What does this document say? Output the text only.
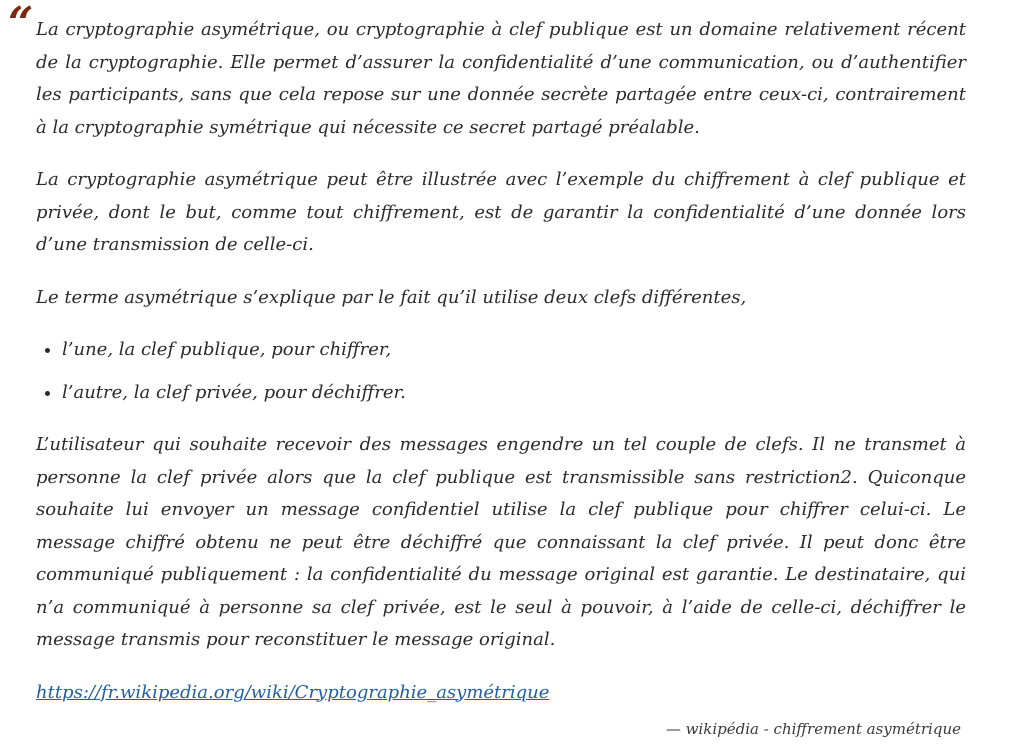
“ La cryptographie asymétrique, ou cryptographie à clef publique est un domaine relativement récent de la cryptographie. Elle permet d’assurer la confidentialité d’une communication, ou d’authentifier les participants, sans que cela repose sur une donnée secrète partagée entre ceux-ci, contrairement à la cryptographie symétrique qui nécessite ce secret partagé préalable.

La cryptographie asymétrique peut être illustrée avec l’exemple du chiffrement à clef publique et privée, dont le but, comme tout chiffrement, est de garantir la confidentialité d’une donnée lors d’une transmission de celle-ci.

Le terme asymétrique s’explique par le fait qu’il utilise deux clefs différentes,

• l’une, la clef publique, pour chiffrer,
• l’autre, la clef privée, pour déchiffrer.

L’utilisateur qui souhaite recevoir des messages engendre un tel couple de clefs. Il ne transmet à personne la clef privée alors que la clef publique est transmissible sans restriction2. Quiconque souhaite lui envoyer un message confidentiel utilise la clef publique pour chiffrer celui-ci. Le message chiffré obtenu ne peut être déchiffré que connaissant la clef privée. Il peut donc être communiqué publiquement : la confidentialité du message original est garantie. Le destinataire, qui n’a communiqué à personne sa clef privée, est le seul à pouvoir, à l’aide de celle-ci, déchiffrer le message transmis pour reconstituer le message original.

https://fr.wikipedia.org/wiki/Cryptographie_asymétrique

— wikipédia - chiffrement asymétrique
